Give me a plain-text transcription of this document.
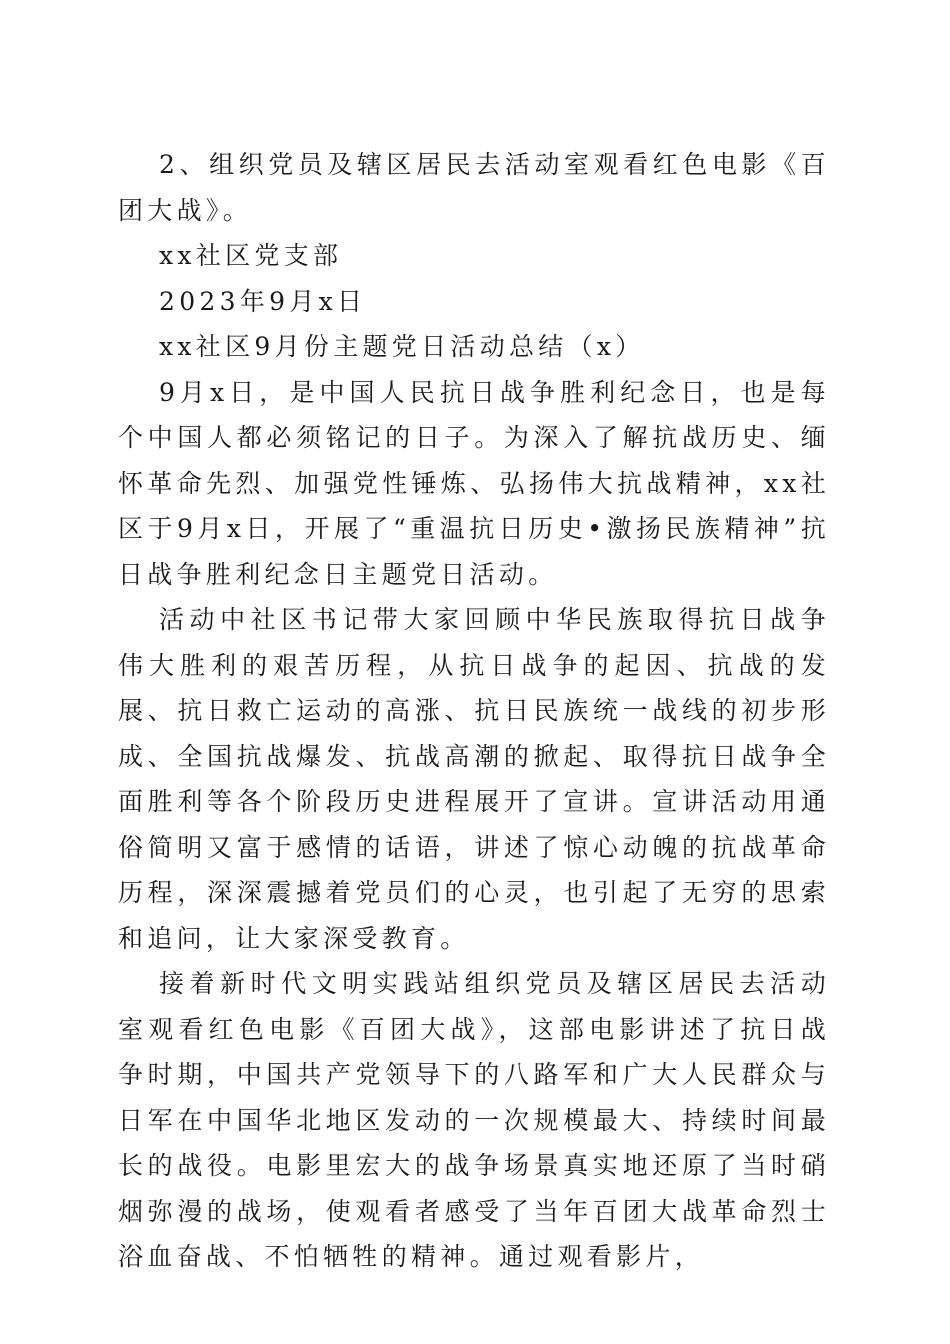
2、组织党员及辖区居民去活动室观看红色电影《百团大战》。

xx社区党支部

2023年9月x日

xx社区9月份主题党日活动总结（x）

9月x日，是中国人民抗日战争胜利纪念日，也是每个中国人都必须铭记的日子。为深入了解抗战历史、缅怀革命先烈、加强党性锤炼、弘扬伟大抗战精神，xx社区于9月x日，开展了“重温抗日历史•激扬民族精神”抗日战争胜利纪念日主题党日活动。

活动中社区书记带大家回顾中华民族取得抗日战争伟大胜利的艰苦历程，从抗日战争的起因、抗战的发展、抗日救亡运动的高涨、抗日民族统一战线的初步形成、全国抗战爆发、抗战高潮的掀起、取得抗日战争全面胜利等各个阶段历史进程展开了宣讲。宣讲活动用通俗简明又富于感情的话语，讲述了惊心动魄的抗战革命历程，深深震撼着党员们的心灵，也引起了无穷的思索和追问，让大家深受教育。

接着新时代文明实践站组织党员及辖区居民去活动室观看红色电影《百团大战》，这部电影讲述了抗日战争时期，中国共产党领导下的八路军和广大人民群众与日军在中国华北地区发动的一次规模最大、持续时间最长的战役。电影里宏大的战争场景真实地还原了当时硝烟弥漫的战场，使观看者感受了当年百团大战革命烈士浴血奋战、不怕牺牲的精神。通过观看影片，
